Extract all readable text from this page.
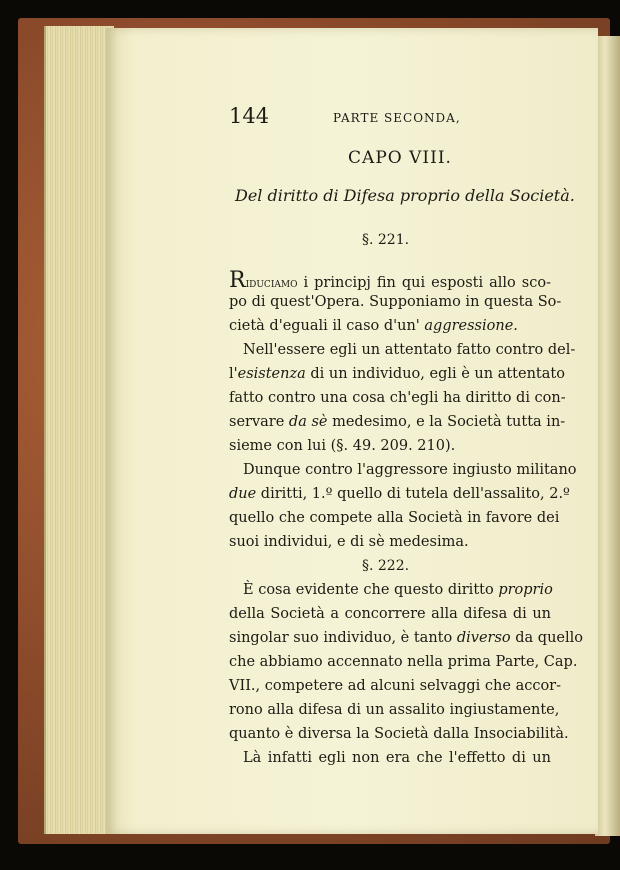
144	PARTE SECONDA,
CAPO VIII.
Del diritto di Difesa proprio della Società.
§. 221.
Riduciamo i principj fin qui esposti allo sco-
po di quest'Opera. Supponiamo in questa So-
cietà d'eguali il caso d'un' aggressione.
Nell'essere egli un attentato fatto contro del-
l'esistenza di un individuo, egli è un attentato
fatto contro una cosa ch'egli ha diritto di con-
servare da sè medesimo, e la Società tutta in-
sieme con lui (§. 49. 209. 210).
Dunque contro l'aggressore ingiusto militano
due diritti, 1.º quello di tutela dell'assalito, 2.º
quello che compete alla Società in favore dei
suoi individui, e di sè medesima.
§. 222.
È cosa evidente che questo diritto proprio
della Società a concorrere alla difesa di un
singolar suo individuo, è tanto diverso da quello
che abbiamo accennato nella prima Parte, Cap.
VII., competere ad alcuni selvaggi che accor-
rono alla difesa di un assalito ingiustamente,
quanto è diversa la Società dalla Insociabilità.
Là infatti egli non era che l'effetto di un
